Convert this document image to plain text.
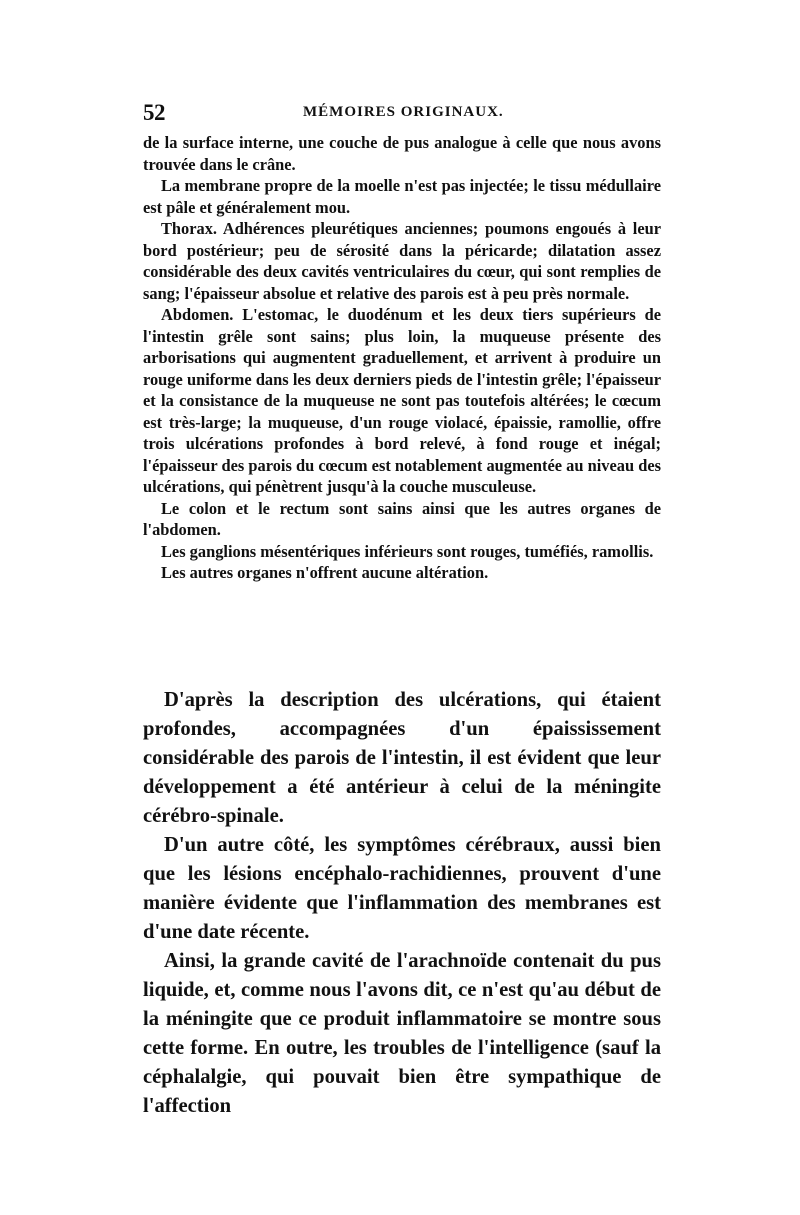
52	MÉMOIRES ORIGINAUX.

de la surface interne, une couche de pus analogue à celle que nous avons trouvée dans le crâne.

La membrane propre de la moelle n'est pas injectée; le tissu médullaire est pâle et généralement mou.

Thorax. Adhérences pleurétiques anciennes; poumons engoués à leur bord postérieur; peu de sérosité dans la péricarde; dilatation assez considérable des deux cavités ventriculaires du cœur, qui sont remplies de sang; l'épaisseur absolue et relative des parois est à peu près normale.

Abdomen. L'estomac, le duodénum et les deux tiers supérieurs de l'intestin grêle sont sains; plus loin, la muqueuse présente des arborisations qui augmentent graduellement, et arrivent à produire un rouge uniforme dans les deux derniers pieds de l'intestin grêle; l'épaisseur et la consistance de la muqueuse ne sont pas toutefois altérées; le cœcum est très-large; la muqueuse, d'un rouge violacé, épaissie, ramollie, offre trois ulcérations profondes à bord relevé, à fond rouge et inégal; l'épaisseur des parois du cœcum est notablement augmentée au niveau des ulcérations, qui pénètrent jusqu'à la couche musculeuse.

Le colon et le rectum sont sains ainsi que les autres organes de l'abdomen.

Les ganglions mésentériques inférieurs sont rouges, tuméfiés, ramollis.

Les autres organes n'offrent aucune altération.

D'après la description des ulcérations, qui étaient profondes, accompagnées d'un épaississement considérable des parois de l'intestin, il est évident que leur développement a été antérieur à celui de la méningite cérébro-spinale.

D'un autre côté, les symptômes cérébraux, aussi bien que les lésions encéphalo-rachidiennes, prouvent d'une manière évidente que l'inflammation des membranes est d'une date récente.

Ainsi, la grande cavité de l'arachnoïde contenait du pus liquide, et, comme nous l'avons dit, ce n'est qu'au début de la méningite que ce produit inflammatoire se montre sous cette forme. En outre, les troubles de l'intelligence (sauf la céphalalgie, qui pouvait bien être sympathique de l'affection
